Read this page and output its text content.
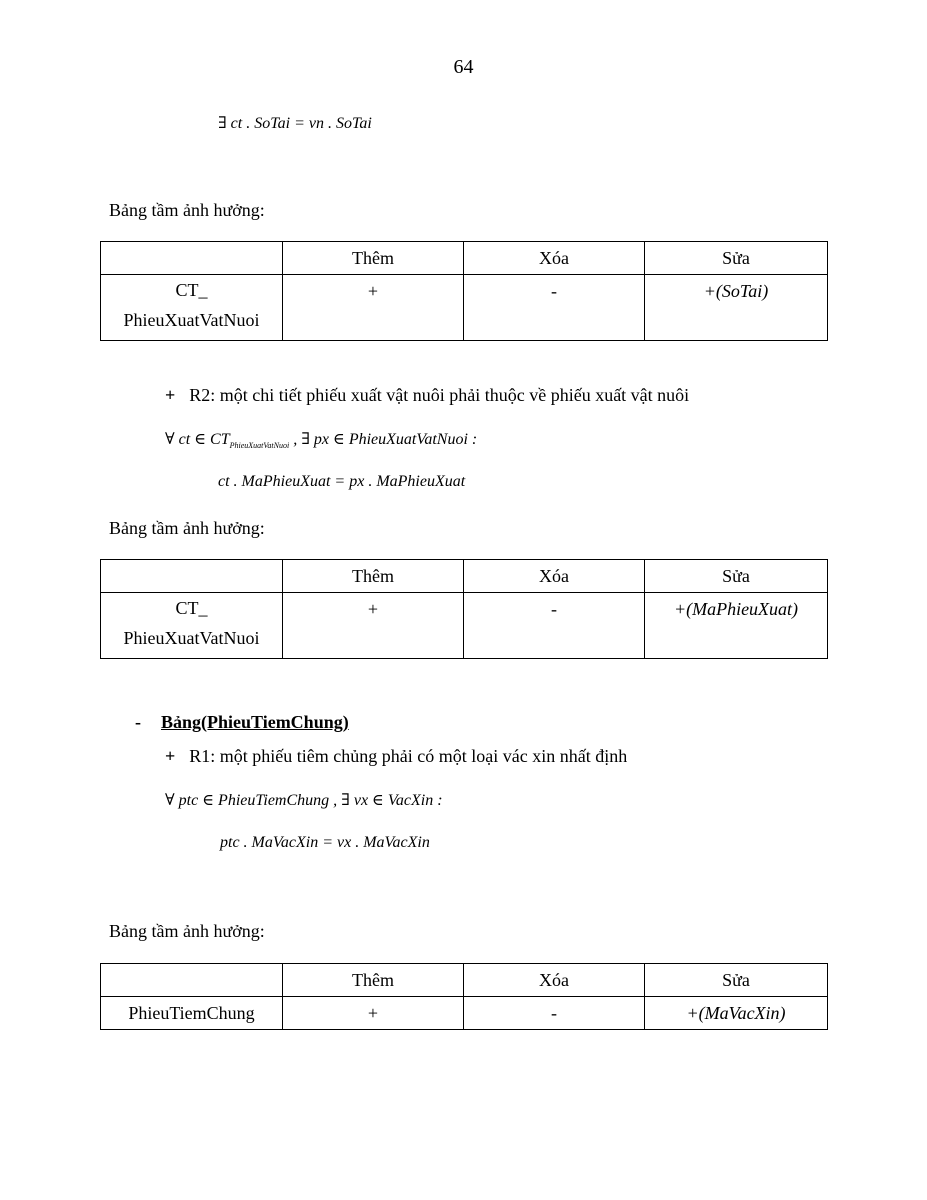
64
∃ ct . SoTai = vn . SoTai
Bảng tầm ảnh hưởng:
	Thêm	Xóa	Sửa

CT_
PhieuXuatVatNuoi	+	-	+(SoTai)
+ R2: một chi tiết phiếu xuất vật nuôi phải thuộc về phiếu xuất vật nuôi
∀ ct ∈ $CT_{PhieuXuatVatNuoi}$ , ∃ px ∈ PhieuXuatVatNuoi :
ct . MaPhieuXuat = px . MaPhieuXuat
Bảng tầm ảnh hưởng:
	Thêm	Xóa	Sửa

CT_
PhieuXuatVatNuoi	+	-	+(MaPhieuXuat)
- Bảng(PhieuTiemChung)
+ R1: một phiếu tiêm chủng phải có một loại vác xin nhất định
∀ ptc ∈ PhieuTiemChung , ∃ vx ∈ VacXin :
ptc . MaVacXin = vx . MaVacXin
Bảng tầm ảnh hưởng:
	Thêm	Xóa	Sửa
PhieuTiemChung	+	-	+(MaVacXin)
